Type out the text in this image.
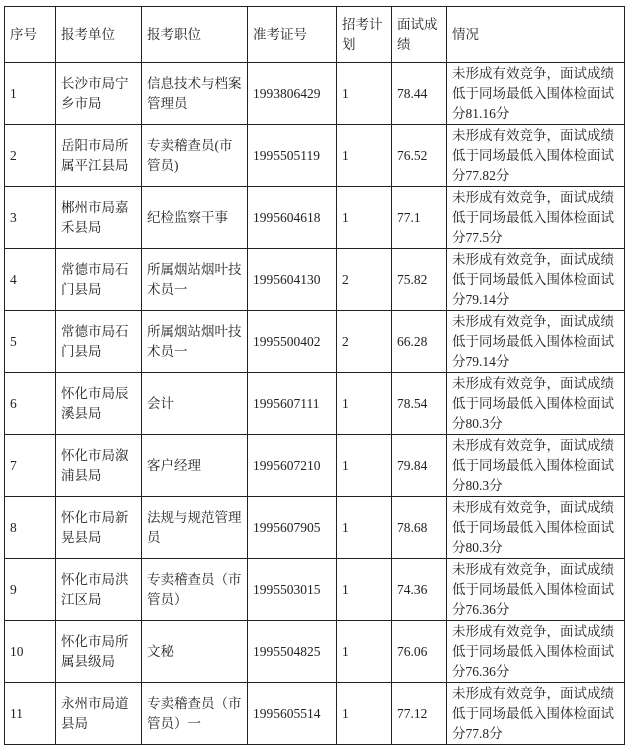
序号	报考单位	报考职位	准考证号	招考计划	面试成绩	情况
1	长沙市局宁乡市局	信息技术与档案管理员	1993806429	1	78.44	未形成有效竞争，面试成绩低于同场最低入围体检面试分81.16分
2	岳阳市局所属平江县局	专卖稽查员(市管员)	1995505119	1	76.52	未形成有效竞争，面试成绩低于同场最低入围体检面试分77.82分
3	郴州市局嘉禾县局	纪检监察干事	1995604618	1	77.1	未形成有效竞争，面试成绩低于同场最低入围体检面试分77.5分
4	常德市局石门县局	所属烟站烟叶技术员一	1995604130	2	75.82	未形成有效竞争，面试成绩低于同场最低入围体检面试分79.14分
5	常德市局石门县局	所属烟站烟叶技术员一	1995500402	2	66.28	未形成有效竞争，面试成绩低于同场最低入围体检面试分79.14分
6	怀化市局辰溪县局	会计	1995607111	1	78.54	未形成有效竞争，面试成绩低于同场最低入围体检面试分80.3分
7	怀化市局溆浦县局	客户经理	1995607210	1	79.84	未形成有效竞争，面试成绩低于同场最低入围体检面试分80.3分
8	怀化市局新晃县局	法规与规范管理员	1995607905	1	78.68	未形成有效竞争，面试成绩低于同场最低入围体检面试分80.3分
9	怀化市局洪江区局	专卖稽查员（市管员）	1995503015	1	74.36	未形成有效竞争，面试成绩低于同场最低入围体检面试分76.36分
10	怀化市局所属县级局	文秘	1995504825	1	76.06	未形成有效竞争，面试成绩低于同场最低入围体检面试分76.36分
11	永州市局道县局	专卖稽查员（市管员）一	1995605514	1	77.12	未形成有效竞争，面试成绩低于同场最低入围体检面试分77.8分
